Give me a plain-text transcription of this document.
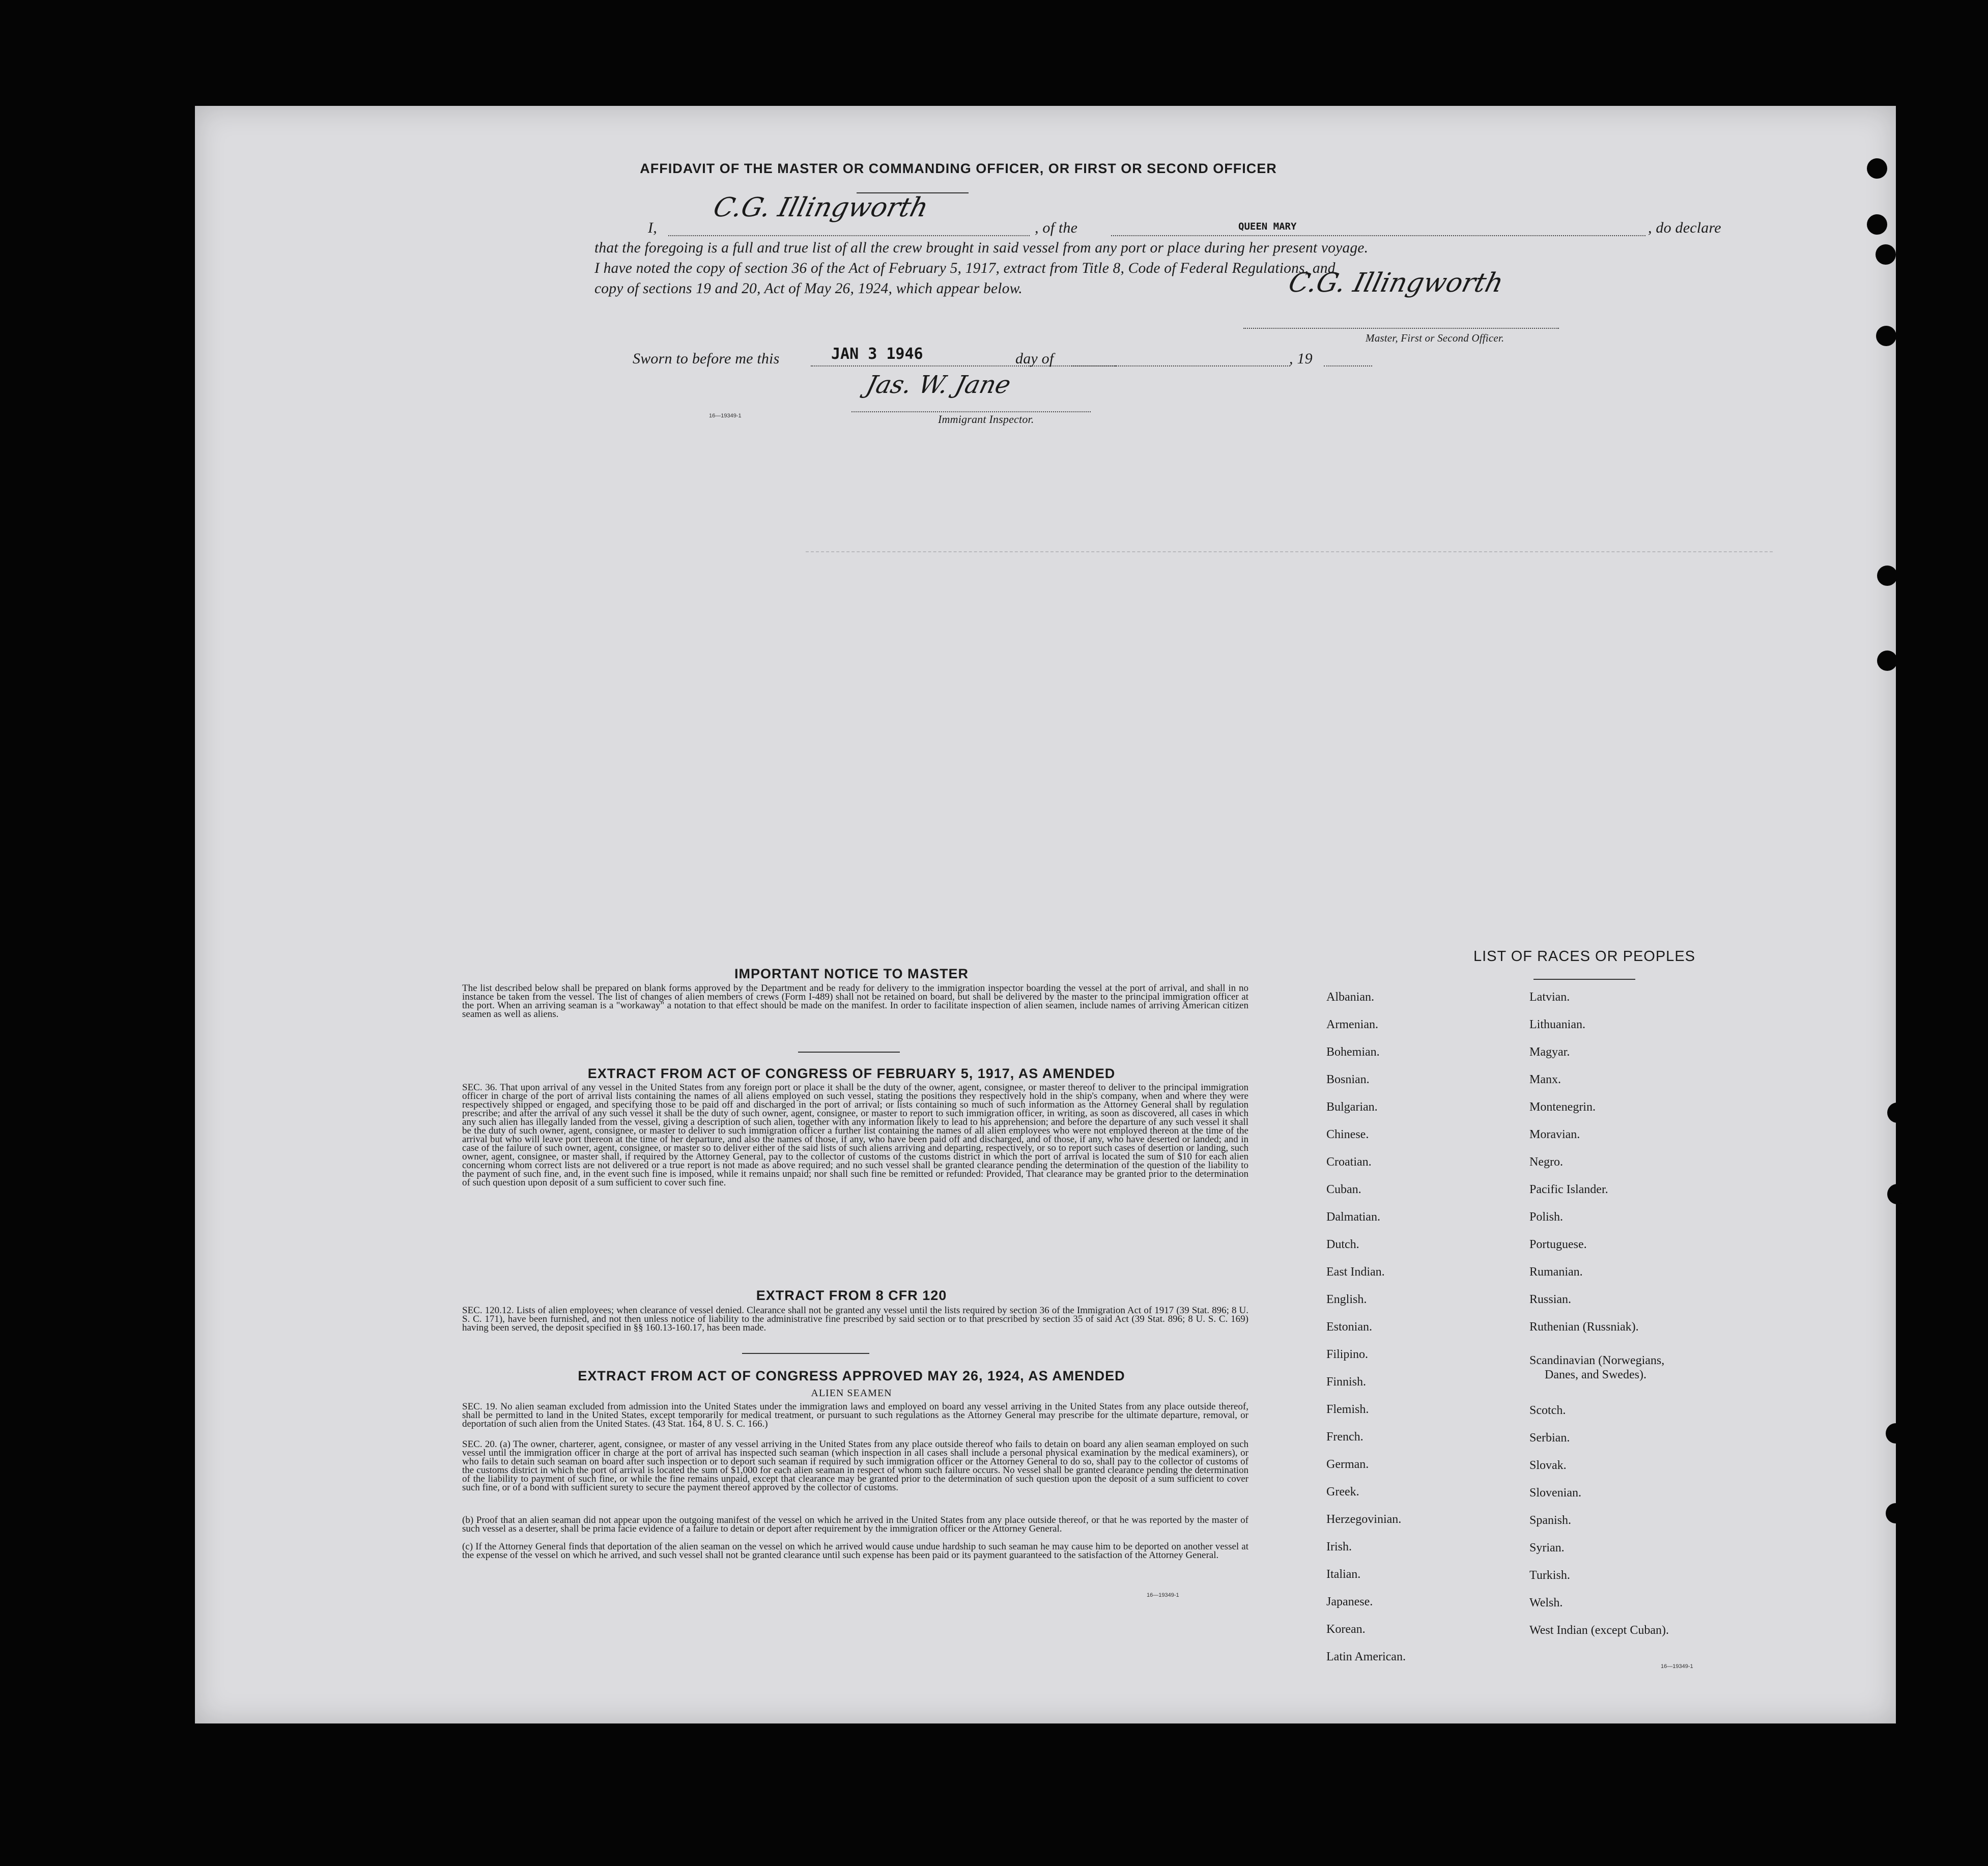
AFFIDAVIT OF THE MASTER OR COMMANDING OFFICER, OR FIRST OR SECOND OFFICER
I,
C.G. Illingworth
, of the	QUEEN MARY	, do declare
that the foregoing is a full and true list of all the crew brought in said vessel from any port or place during her present voyage.
I have noted the copy of section 36 of the Act of February 5, 1917, extract from Title 8, Code of Federal Regulations, and
copy of sections 19 and 20, Act of May 26, 1924, which appear below.	C.G. Illingworth
Master, First or Second Officer.
Sworn to before me this	JAN 3 1946	day of	, 19
Jas. W. Jane
16—19349-1	Immigrant Inspector.
IMPORTANT NOTICE TO MASTER
The list described below shall be prepared on blank forms approved by the Department and be ready for delivery to the immigration inspector boarding the vessel at the port of arrival, and shall in no instance be taken from the vessel. The list of changes of alien members of crews (Form I-489) shall not be retained on board, but shall be delivered by the master to the principal immigration officer at the port. When an arriving seaman is a "workaway" a notation to that effect should be made on the manifest. In order to facilitate inspection of alien seamen, include names of arriving American citizen seamen as well as aliens.
EXTRACT FROM ACT OF CONGRESS OF FEBRUARY 5, 1917, AS AMENDED
SEC. 36. That upon arrival of any vessel in the United States from any foreign port or place it shall be the duty of the owner, agent, consignee, or master thereof to deliver to the principal immigration officer in charge of the port of arrival lists containing the names of all aliens employed on such vessel, stating the positions they respectively hold in the ship's company, when and where they were respectively shipped or engaged, and specifying those to be paid off and discharged in the port of arrival; or lists containing so much of such information as the Attorney General shall by regulation prescribe; and after the arrival of any such vessel it shall be the duty of such owner, agent, consignee, or master to report to such immigration officer, in writing, as soon as discovered, all cases in which any such alien has illegally landed from the vessel, giving a description of such alien, together with any information likely to lead to his apprehension; and before the departure of any such vessel it shall be the duty of such owner, agent, consignee, or master to deliver to such immigration officer a further list containing the names of all alien employees who were not employed thereon at the time of the arrival but who will leave port thereon at the time of her departure, and also the names of those, if any, who have been paid off and discharged, and of those, if any, who have deserted or landed; and in case of the failure of such owner, agent, consignee, or master so to deliver either of the said lists of such aliens arriving and departing, respectively, or so to report such cases of desertion or landing, such owner, agent, consignee, or master shall, if required by the Attorney General, pay to the collector of customs of the customs district in which the port of arrival is located the sum of $10 for each alien concerning whom correct lists are not delivered or a true report is not made as above required; and no such vessel shall be granted clearance pending the determination of the question of the liability to the payment of such fine, and, in the event such fine is imposed, while it remains unpaid; nor shall such fine be remitted or refunded: Provided, That clearance may be granted prior to the determination of such question upon deposit of a sum sufficient to cover such fine.
EXTRACT FROM 8 CFR 120
SEC. 120.12. Lists of alien employees; when clearance of vessel denied. Clearance shall not be granted any vessel until the lists required by section 36 of the Immigration Act of 1917 (39 Stat. 896; 8 U. S. C. 171), have been furnished, and not then unless notice of liability to the administrative fine prescribed by said section or to that prescribed by section 35 of said Act (39 Stat. 896; 8 U. S. C. 169) having been served, the deposit specified in §§ 160.13-160.17, has been made.
EXTRACT FROM ACT OF CONGRESS APPROVED MAY 26, 1924, AS AMENDED
ALIEN SEAMEN
SEC. 19. No alien seaman excluded from admission into the United States under the immigration laws and employed on board any vessel arriving in the United States from any place outside thereof, shall be permitted to land in the United States, except temporarily for medical treatment, or pursuant to such regulations as the Attorney General may prescribe for the ultimate departure, removal, or deportation of such alien from the United States. (43 Stat. 164, 8 U. S. C. 166.)
SEC. 20. (a) The owner, charterer, agent, consignee, or master of any vessel arriving in the United States from any place outside thereof who fails to detain on board any alien seaman employed on such vessel until the immigration officer in charge at the port of arrival has inspected such seaman (which inspection in all cases shall include a personal physical examination by the medical examiners), or who fails to detain such seaman on board after such inspection or to deport such seaman if required by such immigration officer or the Attorney General to do so, shall pay to the collector of customs of the customs district in which the port of arrival is located the sum of $1,000 for each alien seaman in respect of whom such failure occurs. No vessel shall be granted clearance pending the determination of the liability to payment of such fine, or while the fine remains unpaid, except that clearance may be granted prior to the determination of such question upon the deposit of a sum sufficient to cover such fine, or of a bond with sufficient surety to secure the payment thereof approved by the collector of customs.
(b) Proof that an alien seaman did not appear upon the outgoing manifest of the vessel on which he arrived in the United States from any place outside thereof, or that he was reported by the master of such vessel as a deserter, shall be prima facie evidence of a failure to detain or deport after requirement by the immigration officer or the Attorney General.
(c) If the Attorney General finds that deportation of the alien seaman on the vessel on which he arrived would cause undue hardship to such seaman he may cause him to be deported on another vessel at the expense of the vessel on which he arrived, and such vessel shall not be granted clearance until such expense has been paid or its payment guaranteed to the satisfaction of the Attorney General.
16—19349-1
LIST OF RACES OR PEOPLES
Albanian.
Armenian.
Bohemian.
Bosnian.
Bulgarian.
Chinese.
Croatian.
Cuban.
Dalmatian.
Dutch.
East Indian.
English.
Estonian.
Filipino.
Finnish.
Flemish.
French.
German.
Greek.
Herzegovinian.
Irish.
Italian.
Japanese.
Korean.
Latin American.
Latvian.
Lithuanian.
Magyar.
Manx.
Montenegrin.
Moravian.
Negro.
Pacific Islander.
Polish.
Portuguese.
Rumanian.
Russian.
Ruthenian (Russniak).
Scandinavian (Norwegians,
Danes, and Swedes).
Scotch.
Serbian.
Slovak.
Slovenian.
Spanish.
Syrian.
Turkish.
Welsh.
West Indian (except Cuban).
16—19349-1
